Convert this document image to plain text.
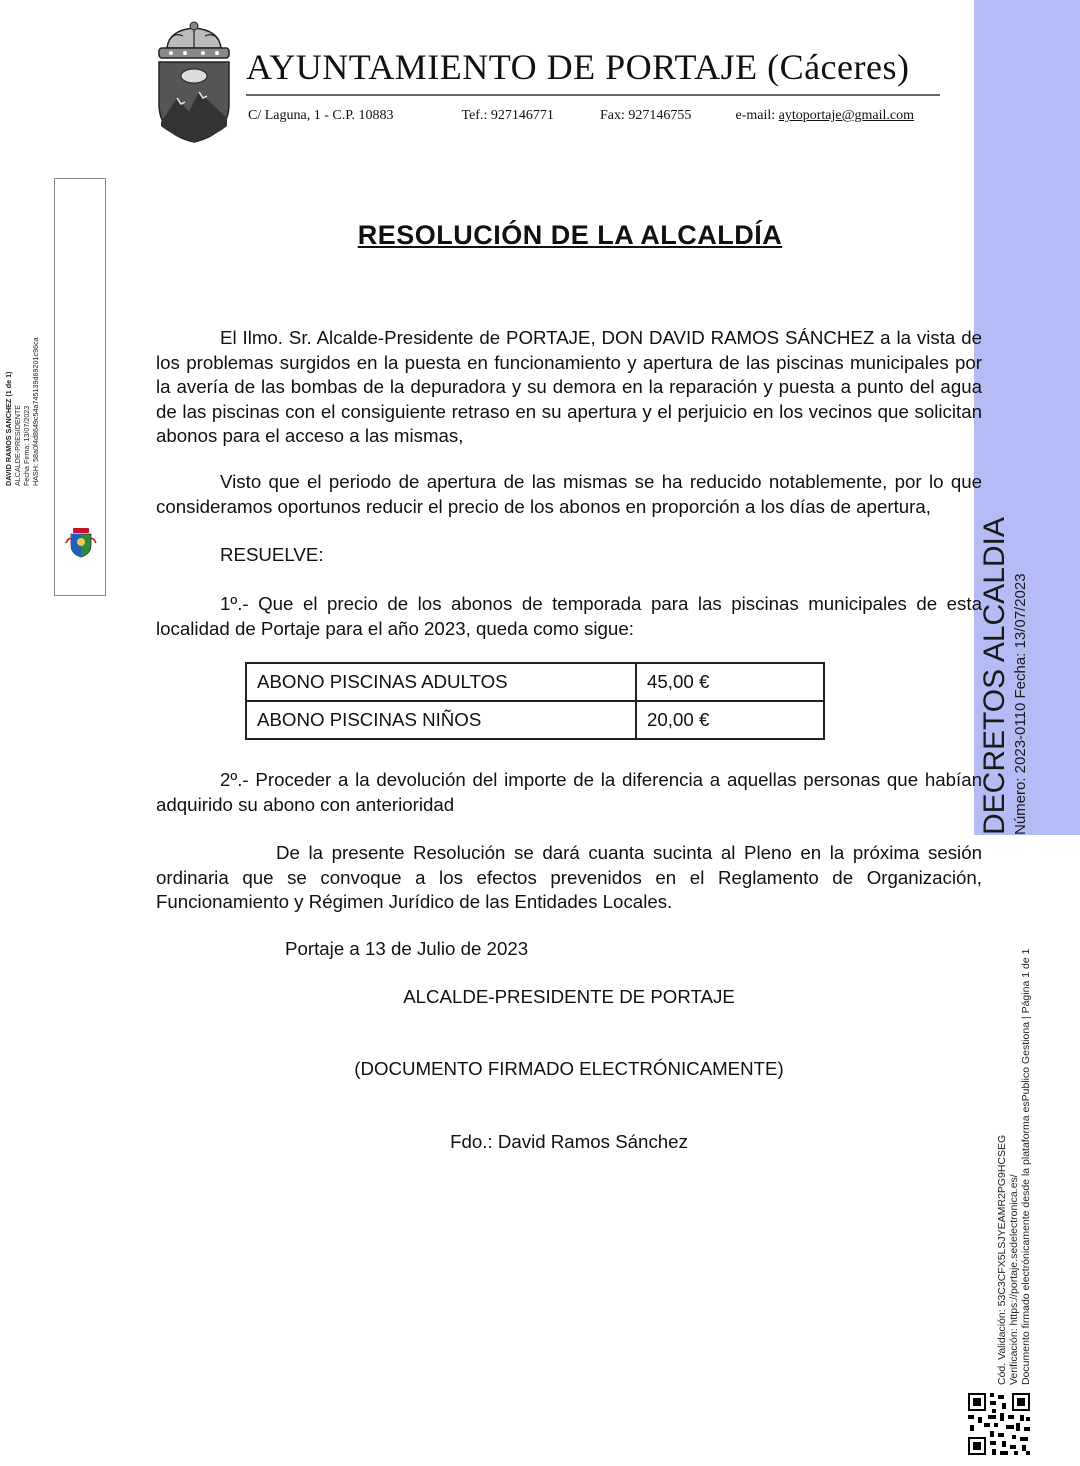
DECRETOS ALCALDIA Número: 2023-0110 Fecha: 13/07/2023
Cód. Validación: 53C3CFX5LSJYEAMR2PG9HCSEG Verificación: https://portaje.sedelectronica.es/ Documento firmado electrónicamente desde la plataforma esPublico Gestiona | Página 1 de 1
DAVID RAMOS SANCHEZ (1 de 1) ALCALDE-PRESIDENTE Fecha Firma: 13/07/2023 HASH: 58a0f4d8649c54a745139d69201c96ca
AYUNTAMIENTO DE PORTAJE (Cáceres)
C/ Laguna, 1 - C.P. 10883	Tef.: 927146771	Fax: 927146755	e-mail: aytoportaje@gmail.com
RESOLUCIÓN DE LA ALCALDÍA
El Ilmo. Sr. Alcalde-Presidente de PORTAJE, DON DAVID RAMOS SÁNCHEZ a la vista de los problemas surgidos en la puesta en funcionamiento y apertura de las piscinas municipales por la avería de las bombas de la depuradora y su demora en la reparación y puesta a punto del agua de las piscinas con el consiguiente retraso en su apertura y el perjuicio en los vecinos que solicitan abonos para el acceso a las mismas,
Visto que el periodo de apertura de las mismas se ha reducido notablemente, por lo que consideramos oportunos reducir el precio de los abonos en proporción a los días de apertura,
RESUELVE:
1º.- Que el precio de los abonos de temporada para las piscinas municipales de esta localidad de Portaje para el año 2023, queda como sigue:
ABONO PISCINAS ADULTOS	45,00 €
ABONO PISCINAS NIÑOS	20,00 €
2º.- Proceder a la devolución del importe de la diferencia a aquellas personas que habían adquirido su abono con anterioridad
De la presente Resolución se dará cuanta sucinta al Pleno en la próxima sesión ordinaria que se convoque a los efectos prevenidos en el Reglamento de Organización, Funcionamiento y Régimen Jurídico de las Entidades Locales.
Portaje a 13 de Julio de 2023
ALCALDE-PRESIDENTE DE PORTAJE
(DOCUMENTO FIRMADO ELECTRÓNICAMENTE)
Fdo.: David Ramos Sánchez
